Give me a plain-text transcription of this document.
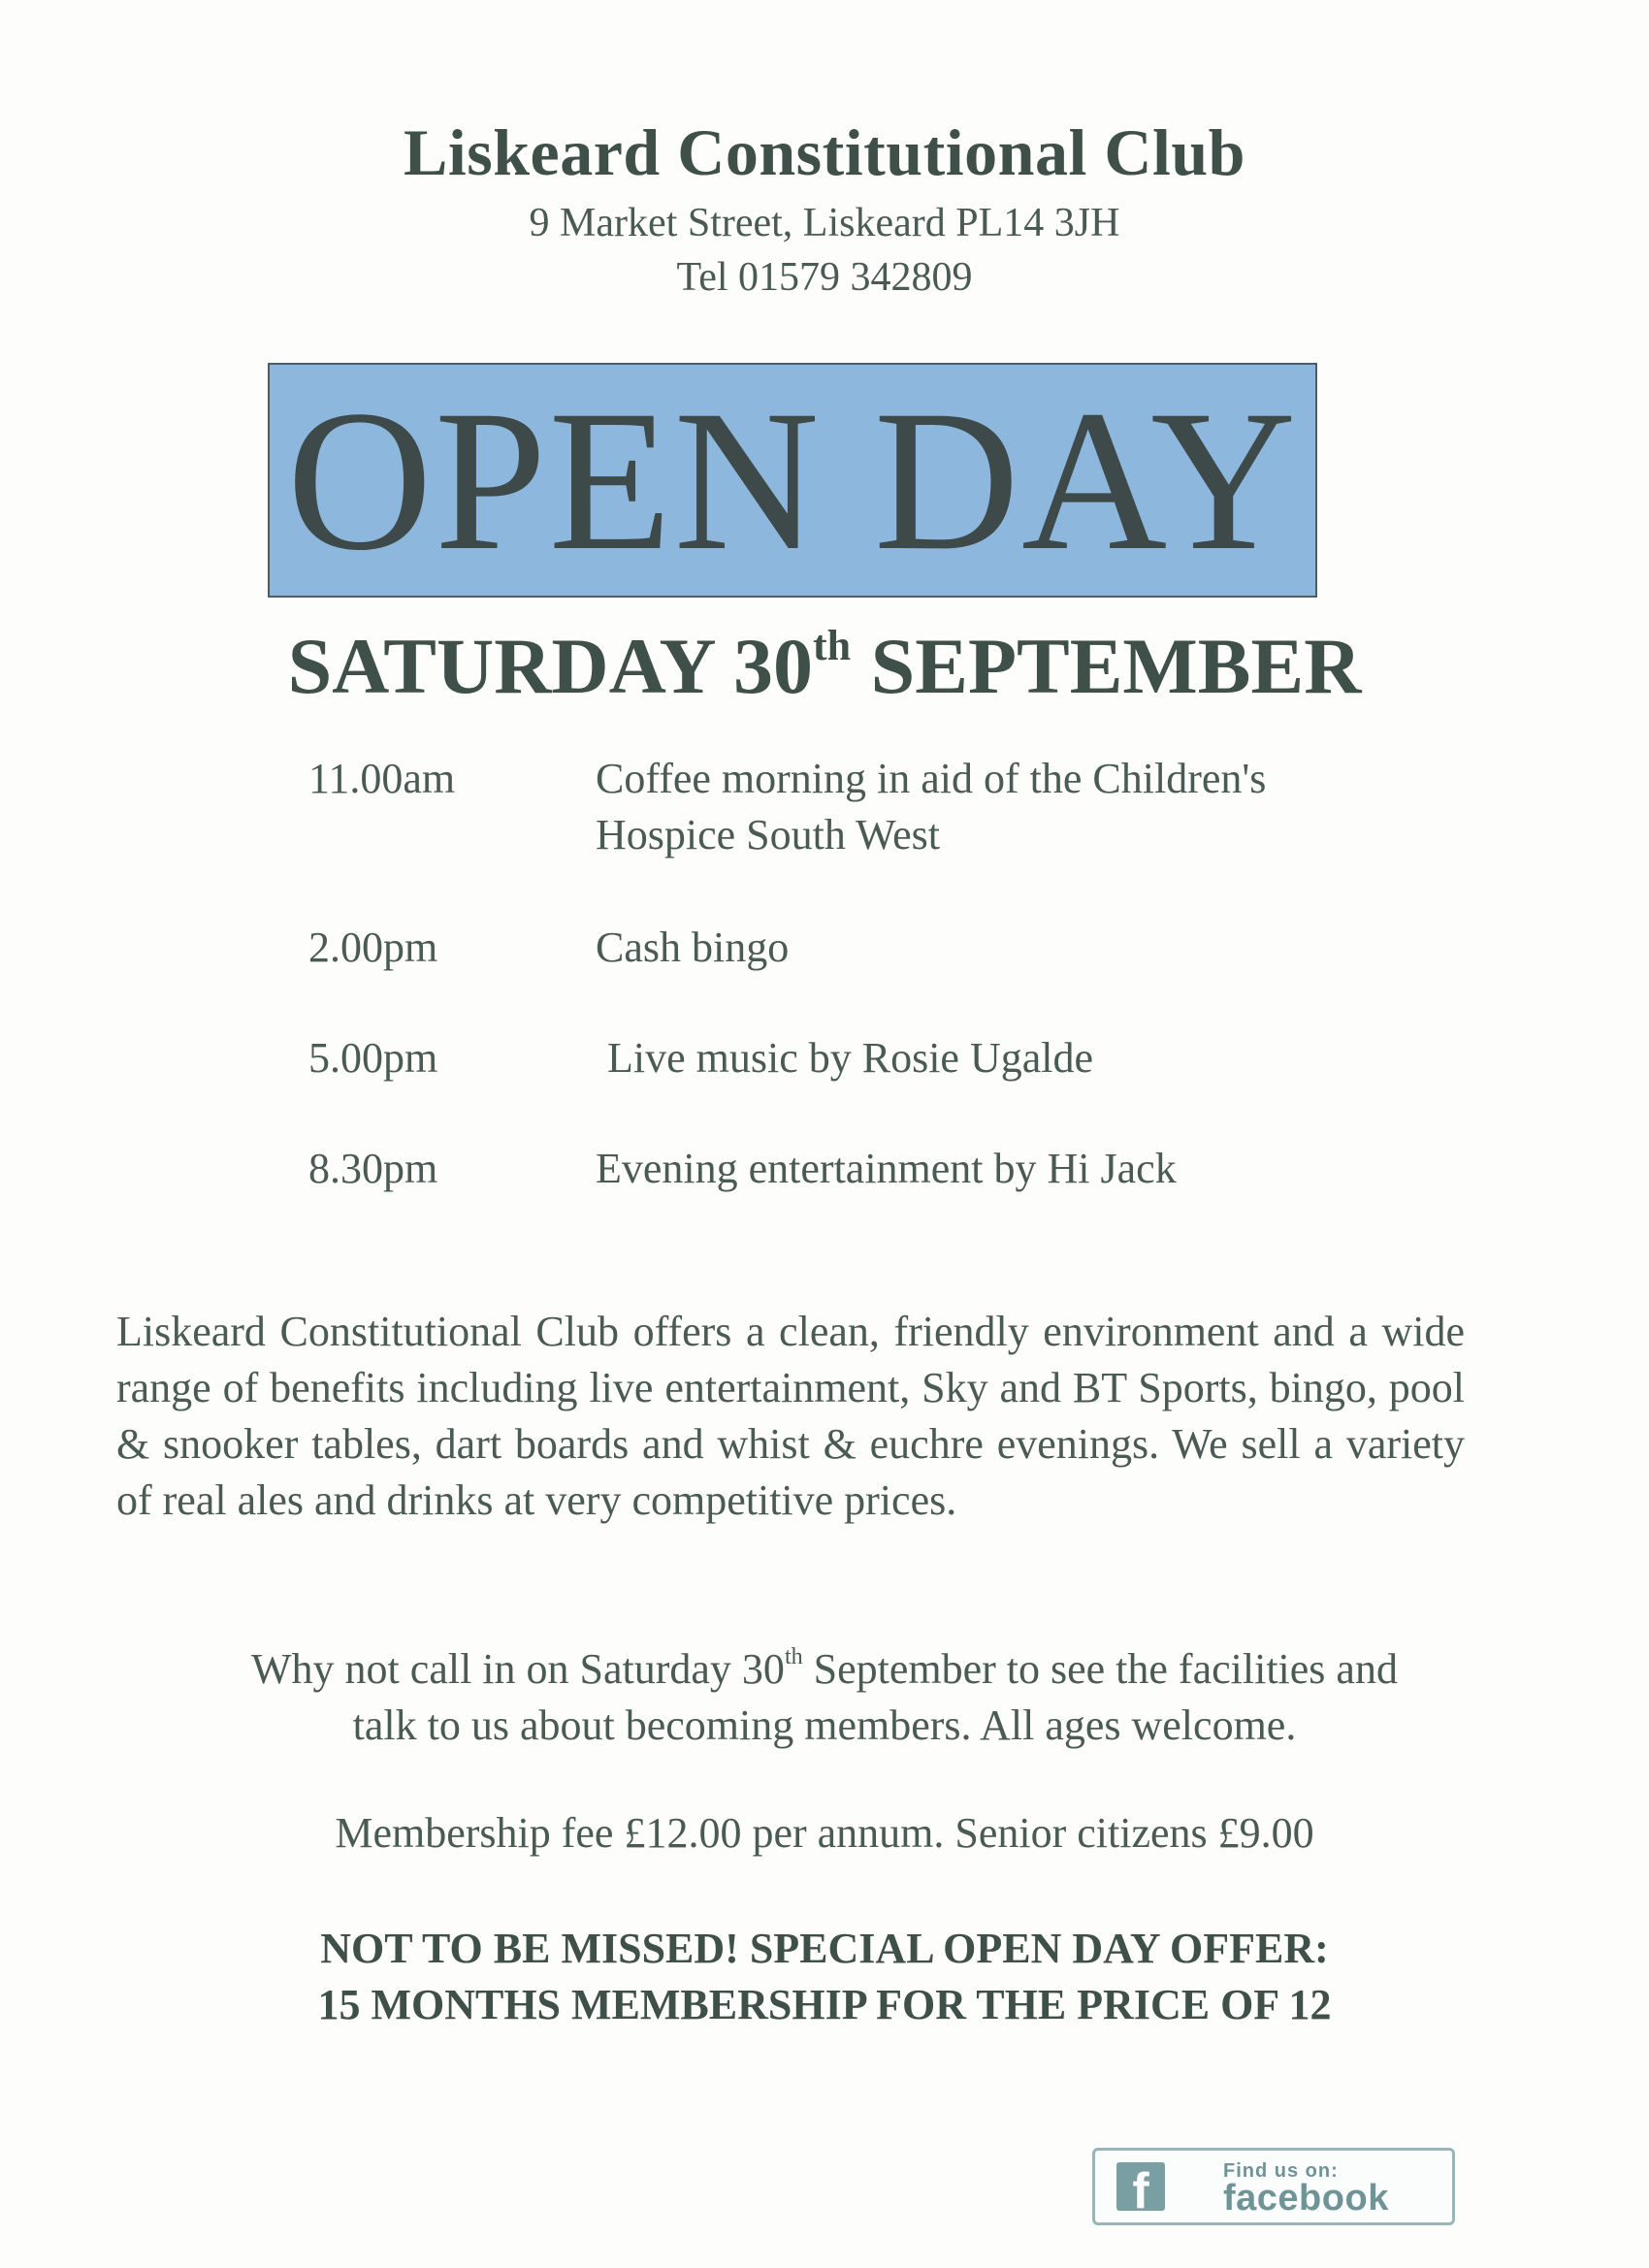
Liskeard Constitutional Club
9 Market Street, Liskeard PL14 3JH
Tel 01579 342809
OPEN DAY
SATURDAY 30th SEPTEMBER
11.00am	Coffee morning in aid of the Children's
Hospice South West
2.00pm	Cash bingo
5.00pm	Live music by Rosie Ugalde
8.30pm	Evening entertainment by Hi Jack
Liskeard Constitutional Club offers a clean, friendly environment and a wide range of benefits including live entertainment, Sky and BT Sports, bingo, pool & snooker tables, dart boards and whist & euchre evenings. We sell a variety of real ales and drinks at very competitive prices.
Why not call in on Saturday 30th September to see the facilities and
talk to us about becoming members. All ages welcome.
Membership fee £12.00 per annum. Senior citizens £9.00
NOT TO BE MISSED! SPECIAL OPEN DAY OFFER:
15 MONTHS MEMBERSHIP FOR THE PRICE OF 12
f	Find us on:
facebook
